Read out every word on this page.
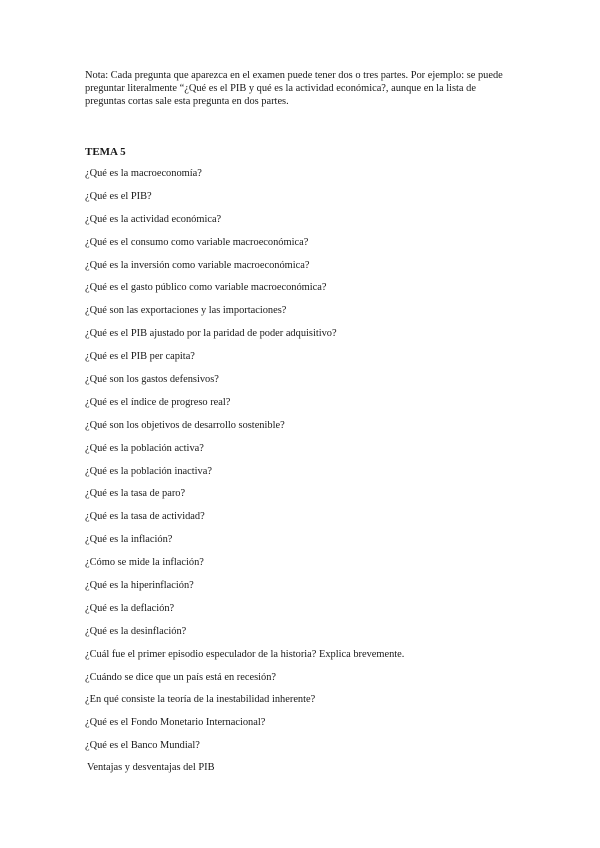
Nota: Cada pregunta que aparezca en el examen puede tener dos o tres partes. Por ejemplo: se puede preguntar literalmente “¿Qué es el PIB y qué es la actividad económica?, aunque en la lista de preguntas cortas sale esta pregunta en dos partes.

TEMA 5

¿Qué es la macroeconomía?
¿Qué es el PIB?
¿Qué es la actividad económica?
¿Qué es el consumo como variable macroeconómica?
¿Qué es la inversión como variable macroeconómica?
¿Qué es el gasto público como variable macroeconómica?
¿Qué son las exportaciones y las importaciones?
¿Qué es el PIB ajustado por la paridad de poder adquisitivo?
¿Qué es el PIB per capita?
¿Qué son los gastos defensivos?
¿Qué es el índice de progreso real?
¿Qué son los objetivos de desarrollo sostenible?
¿Qué es la población activa?
¿Qué es la población inactiva?
¿Qué es la tasa de paro?
¿Qué es la tasa de actividad?
¿Qué es la inflación?
¿Cómo se mide la inflación?
¿Qué es la hiperinflación?
¿Qué es la deflación?
¿Qué es la desinflación?
¿Cuál fue el primer episodio especulador de la historia? Explica brevemente.
¿Cuándo se dice que un país está en recesión?
¿En qué consiste la teoría de la inestabilidad inherente?
¿Qué es el Fondo Monetario Internacional?
¿Qué es el Banco Mundial?

Ventajas y desventajas del PIB
